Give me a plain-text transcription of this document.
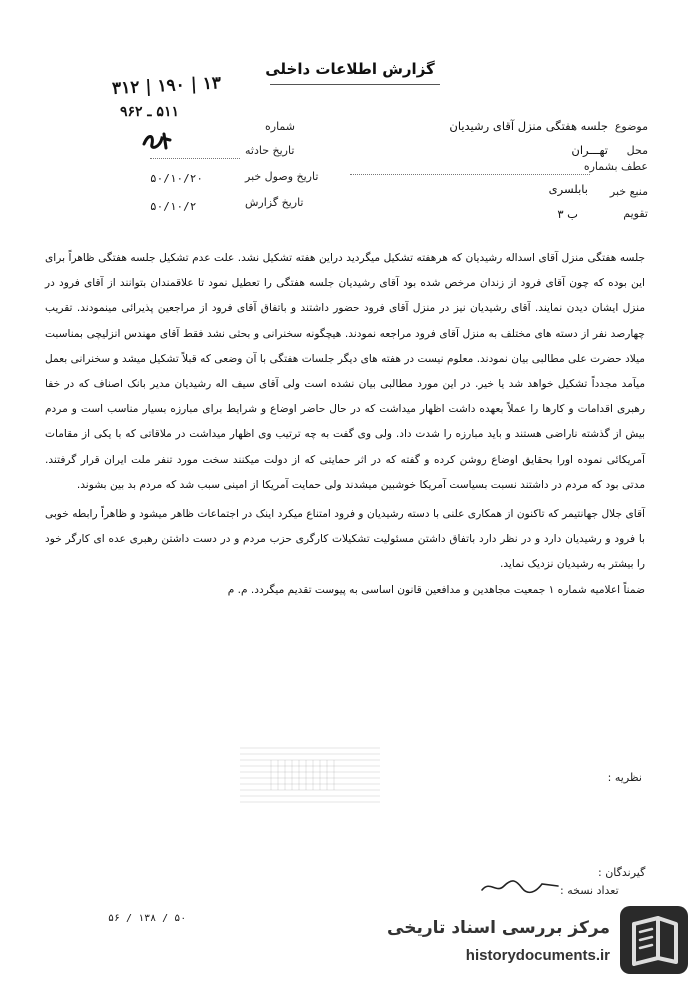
گزارش اطلاعات داخلی
۳۱۲ | ۱۹۰ | ۱۳
شماره
۵۱۱ ـ ۹۶۲
تاریخ حادثه
تاریخ وصول خبر
۵۰/۱۰/۲۰
تاریخ گزارش
۵۰/۱۰/۲
موضوع
جلسه هفتگی منزل آقای رشیدیان
محل
تهـــران
عطف بشماره
منبع خبر
بابلسری
تقویم
ب ۳

جلسه هفتگی منزل آقای اسداله رشیدیان که هرهفته تشکیل میگردید دراین هفته تشکیل نشد. علت عدم تشکیل جلسه هفتگی ظاهراً برای این بوده که چون آقای فرود از زندان مرخص شده بود آقای رشیدیان جلسه هفتگی را تعطیل نمود تا علاقمندان بتوانند از آقای فرود در منزل ایشان دیدن نمایند. آقای رشیدیان نیز در منزل آقای فرود حضور داشتند و باتفاق آقای فرود از مراجعین پذیرائی مینمودند. تقریب چهارصد نفر از دسته های مختلف به منزل آقای فرود مراجعه نمودند. هیچگونه سخنرانی و بحثی نشد فقط آقای مهندس انزلیچی بمناسبت میلاد حضرت علی مطالبی بیان نمودند. معلوم نیست در هفته های دیگر جلسات هفتگی با آن وضعی که قبلاً تشکیل میشد و سخنرانی بعمل میآمد مجدداً تشکیل خواهد شد یا خیر. در این مورد مطالبی بیان نشده است ولی آقای سیف اله رشیدیان مدیر بانک اصناف که در خفا رهبری اقدامات و کارها را عملاً بعهده داشت اظهار میداشت که در حال حاضر اوضاع و شرایط برای مبارزه بسیار مناسب است و مردم بیش از گذشته ناراضی هستند و باید مبارزه را شدت داد. ولی وی گفت به چه ترتیب وی اظهار میداشت در ملاقاتی که با یکی از مقامات آمریکائی نموده اورا بحقایق اوضاع روشن کرده و گفته که در اثر حمایتی که از دولت میکنند سخت مورد تنفر ملت ایران قرار گرفتند. مدتی بود که مردم در داشتند نسبت بسیاست آمریکا خوشبین میشدند ولی حمایت آمریکا از امینی سبب شد که مردم بد بین بشوند.

آقای جلال جهانتیمر که تاکنون از همکاری علنی با دسته رشیدیان و فرود امتناع میکرد اینک در اجتماعات ظاهر میشود و ظاهراً رابطه خوبی با فرود و رشیدیان دارد و در نظر دارد باتفاق داشتن مسئولیت تشکیلات کارگری حزب مردم و در دست داشتن رهبری عده ای کارگر خود را بیشتر به رشیدیان نزدیک نماید.

ضمناً اعلامیه شماره ۱ جمعیت مجاهدین و مدافعین قانون اساسی به پیوست تقدیم میگردد. م. م

نظریه :
گیرندگان :
تعداد نسخه :
۵۶ / ۱۳۸ / ۵۰	مرکز بررسی اسناد تاریخی
historydocuments.ir
